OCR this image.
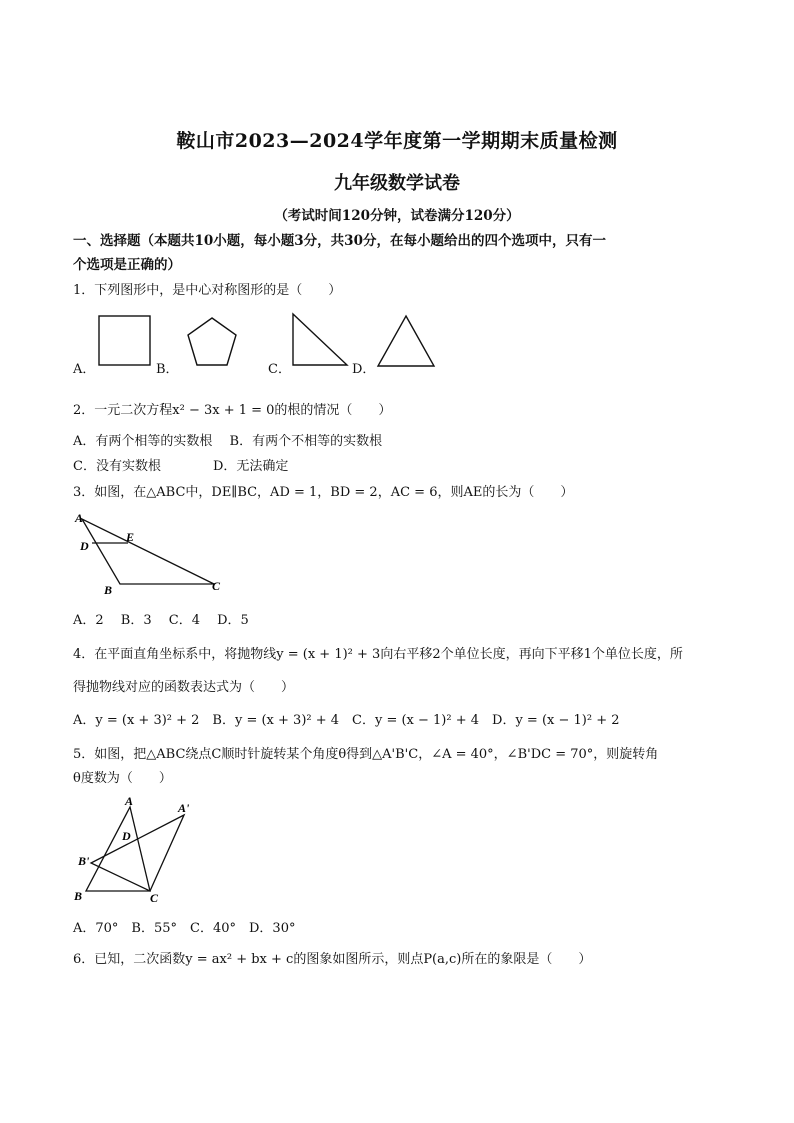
鞍山市2023—2024学年度第一学期期末质量检测
九年级数学试卷
（考试时间120分钟，试卷满分120分）
一、选择题（本题共10小题，每小题3分，共30分，在每小题给出的四个选项中，只有一
个选项是正确的）
1．下列图形中，是中心对称图形的是（　　）
A．	B．	C．	D．
2．一元二次方程x² − 3x + 1 = 0的根的情况（　　）
A．有两个相等的实数根　 B．有两个不相等的实数根
C．没有实数根　　　　D．无法确定
3．如图，在△ABC中，DE∥BC，AD = 1，BD = 2，AC = 6，则AE的长为（　　）
A
D
E
B	C
A．2　 B．3　 C．4　 D．5
4．在平面直角坐标系中，将抛物线y = (x + 1)² + 3向右平移2个单位长度，再向下平移1个单位长度，所
得抛物线对应的函数表达式为（　　）
A．y = (x + 3)² + 2　B．y = (x + 3)² + 4　C．y = (x − 1)² + 4　D．y = (x − 1)² + 2
5．如图，把△ABC绕点C顺时针旋转某个角度θ得到△A'B'C，∠A = 40°，∠B'DC = 70°，则旋转角
θ度数为（　　）
A	A'
D
B'
B	C
A．70°　B．55°　C．40°　D．30°
6．已知，二次函数y = ax² + bx + c的图象如图所示，则点P(a,c)所在的象限是（　　）
